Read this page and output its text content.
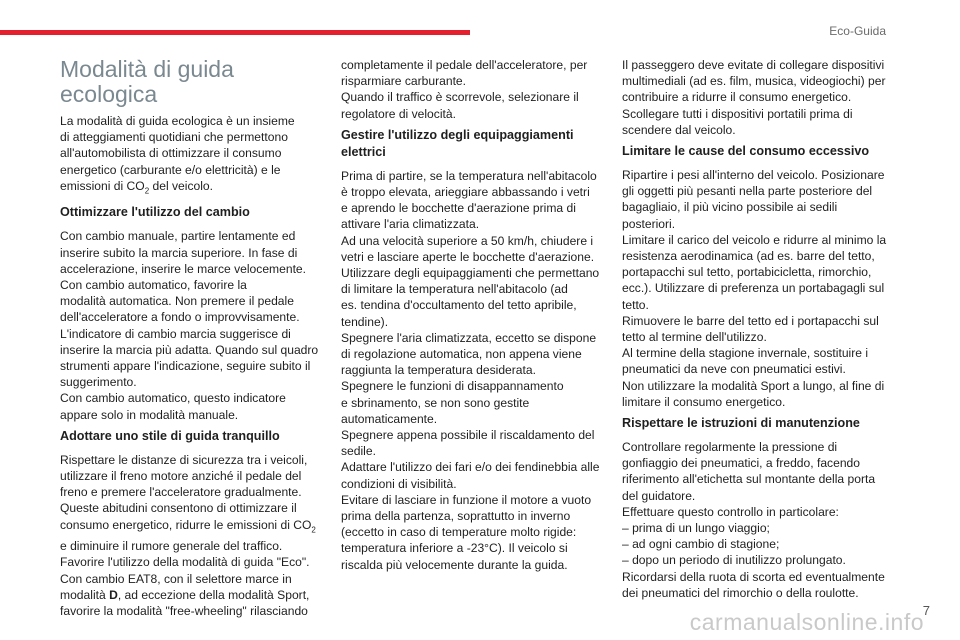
Eco-Guida
Modalità di guida
ecologica

La modalità di guida ecologica è un insieme
di atteggiamenti quotidiani che permettono
all'automobilista di ottimizzare il consumo
energetico (carburante e/o elettricità) e le
emissioni di $CO_2$ del veicolo.

Ottimizzare l'utilizzo del cambio

Con cambio manuale, partire lentamente ed
inserire subito la marcia superiore. In fase di
accelerazione, inserire le marce velocemente.
Con cambio automatico, favorire la
modalità automatica. Non premere il pedale
dell'acceleratore a fondo o improvvisamente.
L'indicatore di cambio marcia suggerisce di
inserire la marcia più adatta. Quando sul quadro
strumenti appare l'indicazione, seguire subito il
suggerimento.
Con cambio automatico, questo indicatore
appare solo in modalità manuale.

Adottare uno stile di guida tranquillo

Rispettare le distanze di sicurezza tra i veicoli,
utilizzare il freno motore anziché il pedale del
freno e premere l'acceleratore gradualmente.
Queste abitudini consentono di ottimizzare il
consumo energetico, ridurre le emissioni di $CO_2$
e diminuire il rumore generale del traffico.
Favorire l'utilizzo della modalità di guida "Eco".
Con cambio EAT8, con il selettore marce in
modalità D, ad eccezione della modalità Sport,
favorire la modalità "free-wheeling" rilasciando

completamente il pedale dell'acceleratore, per
risparmiare carburante.
Quando il traffico è scorrevole, selezionare il
regolatore di velocità.

Gestire l'utilizzo degli equipaggiamenti elettrici

Prima di partire, se la temperatura nell'abitacolo
è troppo elevata, arieggiare abbassando i vetri
e aprendo le bocchette d'aerazione prima di
attivare l'aria climatizzata.
Ad una velocità superiore a 50 km/h, chiudere i
vetri e lasciare aperte le bocchette d'aerazione.
Utilizzare degli equipaggiamenti che permettano
di limitare la temperatura nell'abitacolo (ad
es. tendina d'occultamento del tetto apribile,
tendine).
Spegnere l'aria climatizzata, eccetto se dispone
di regolazione automatica, non appena viene
raggiunta la temperatura desiderata.
Spegnere le funzioni di disappannamento
e sbrinamento, se non sono gestite
automaticamente.
Spegnere appena possibile il riscaldamento del
sedile.
Adattare l'utilizzo dei fari e/o dei fendinebbia alle
condizioni di visibilità.
Evitare di lasciare in funzione il motore a vuoto
prima della partenza, soprattutto in inverno
(eccetto in caso di temperature molto rigide:
temperatura inferiore a -23°C). Il veicolo si
riscalda più velocemente durante la guida.

Il passeggero deve evitate di collegare dispositivi multimediali (ad es. film, musica, videogiochi) per contribuire a ridurre il consumo energetico.
Scollegare tutti i dispositivi portatili prima di scendere dal veicolo.

Limitare le cause del consumo eccessivo

Ripartire i pesi all'interno del veicolo. Posizionare gli oggetti più pesanti nella parte posteriore del bagagliaio, il più vicino possibile ai sedili posteriori.
Limitare il carico del veicolo e ridurre al minimo la resistenza aerodinamica (ad es. barre del tetto, portapacchi sul tetto, portabicicletta, rimorchio, ecc.). Utilizzare di preferenza un portabagagli sul tetto.
Rimuovere le barre del tetto ed i portapacchi sul tetto al termine dell'utilizzo.
Al termine della stagione invernale, sostituire i pneumatici da neve con pneumatici estivi.
Non utilizzare la modalità Sport a lungo, al fine di limitare il consumo energetico.

Rispettare le istruzioni di manutenzione

Controllare regolarmente la pressione di gonfiaggio dei pneumatici, a freddo, facendo riferimento all'etichetta sul montante della porta del guidatore.
Effettuare questo controllo in particolare:
– prima di un lungo viaggio;
– ad ogni cambio di stagione;
– dopo un periodo di inutilizzo prolungato.
Ricordarsi della ruota di scorta ed eventualmente dei pneumatici del rimorchio o della roulotte.

7
carmanualsonline.info
